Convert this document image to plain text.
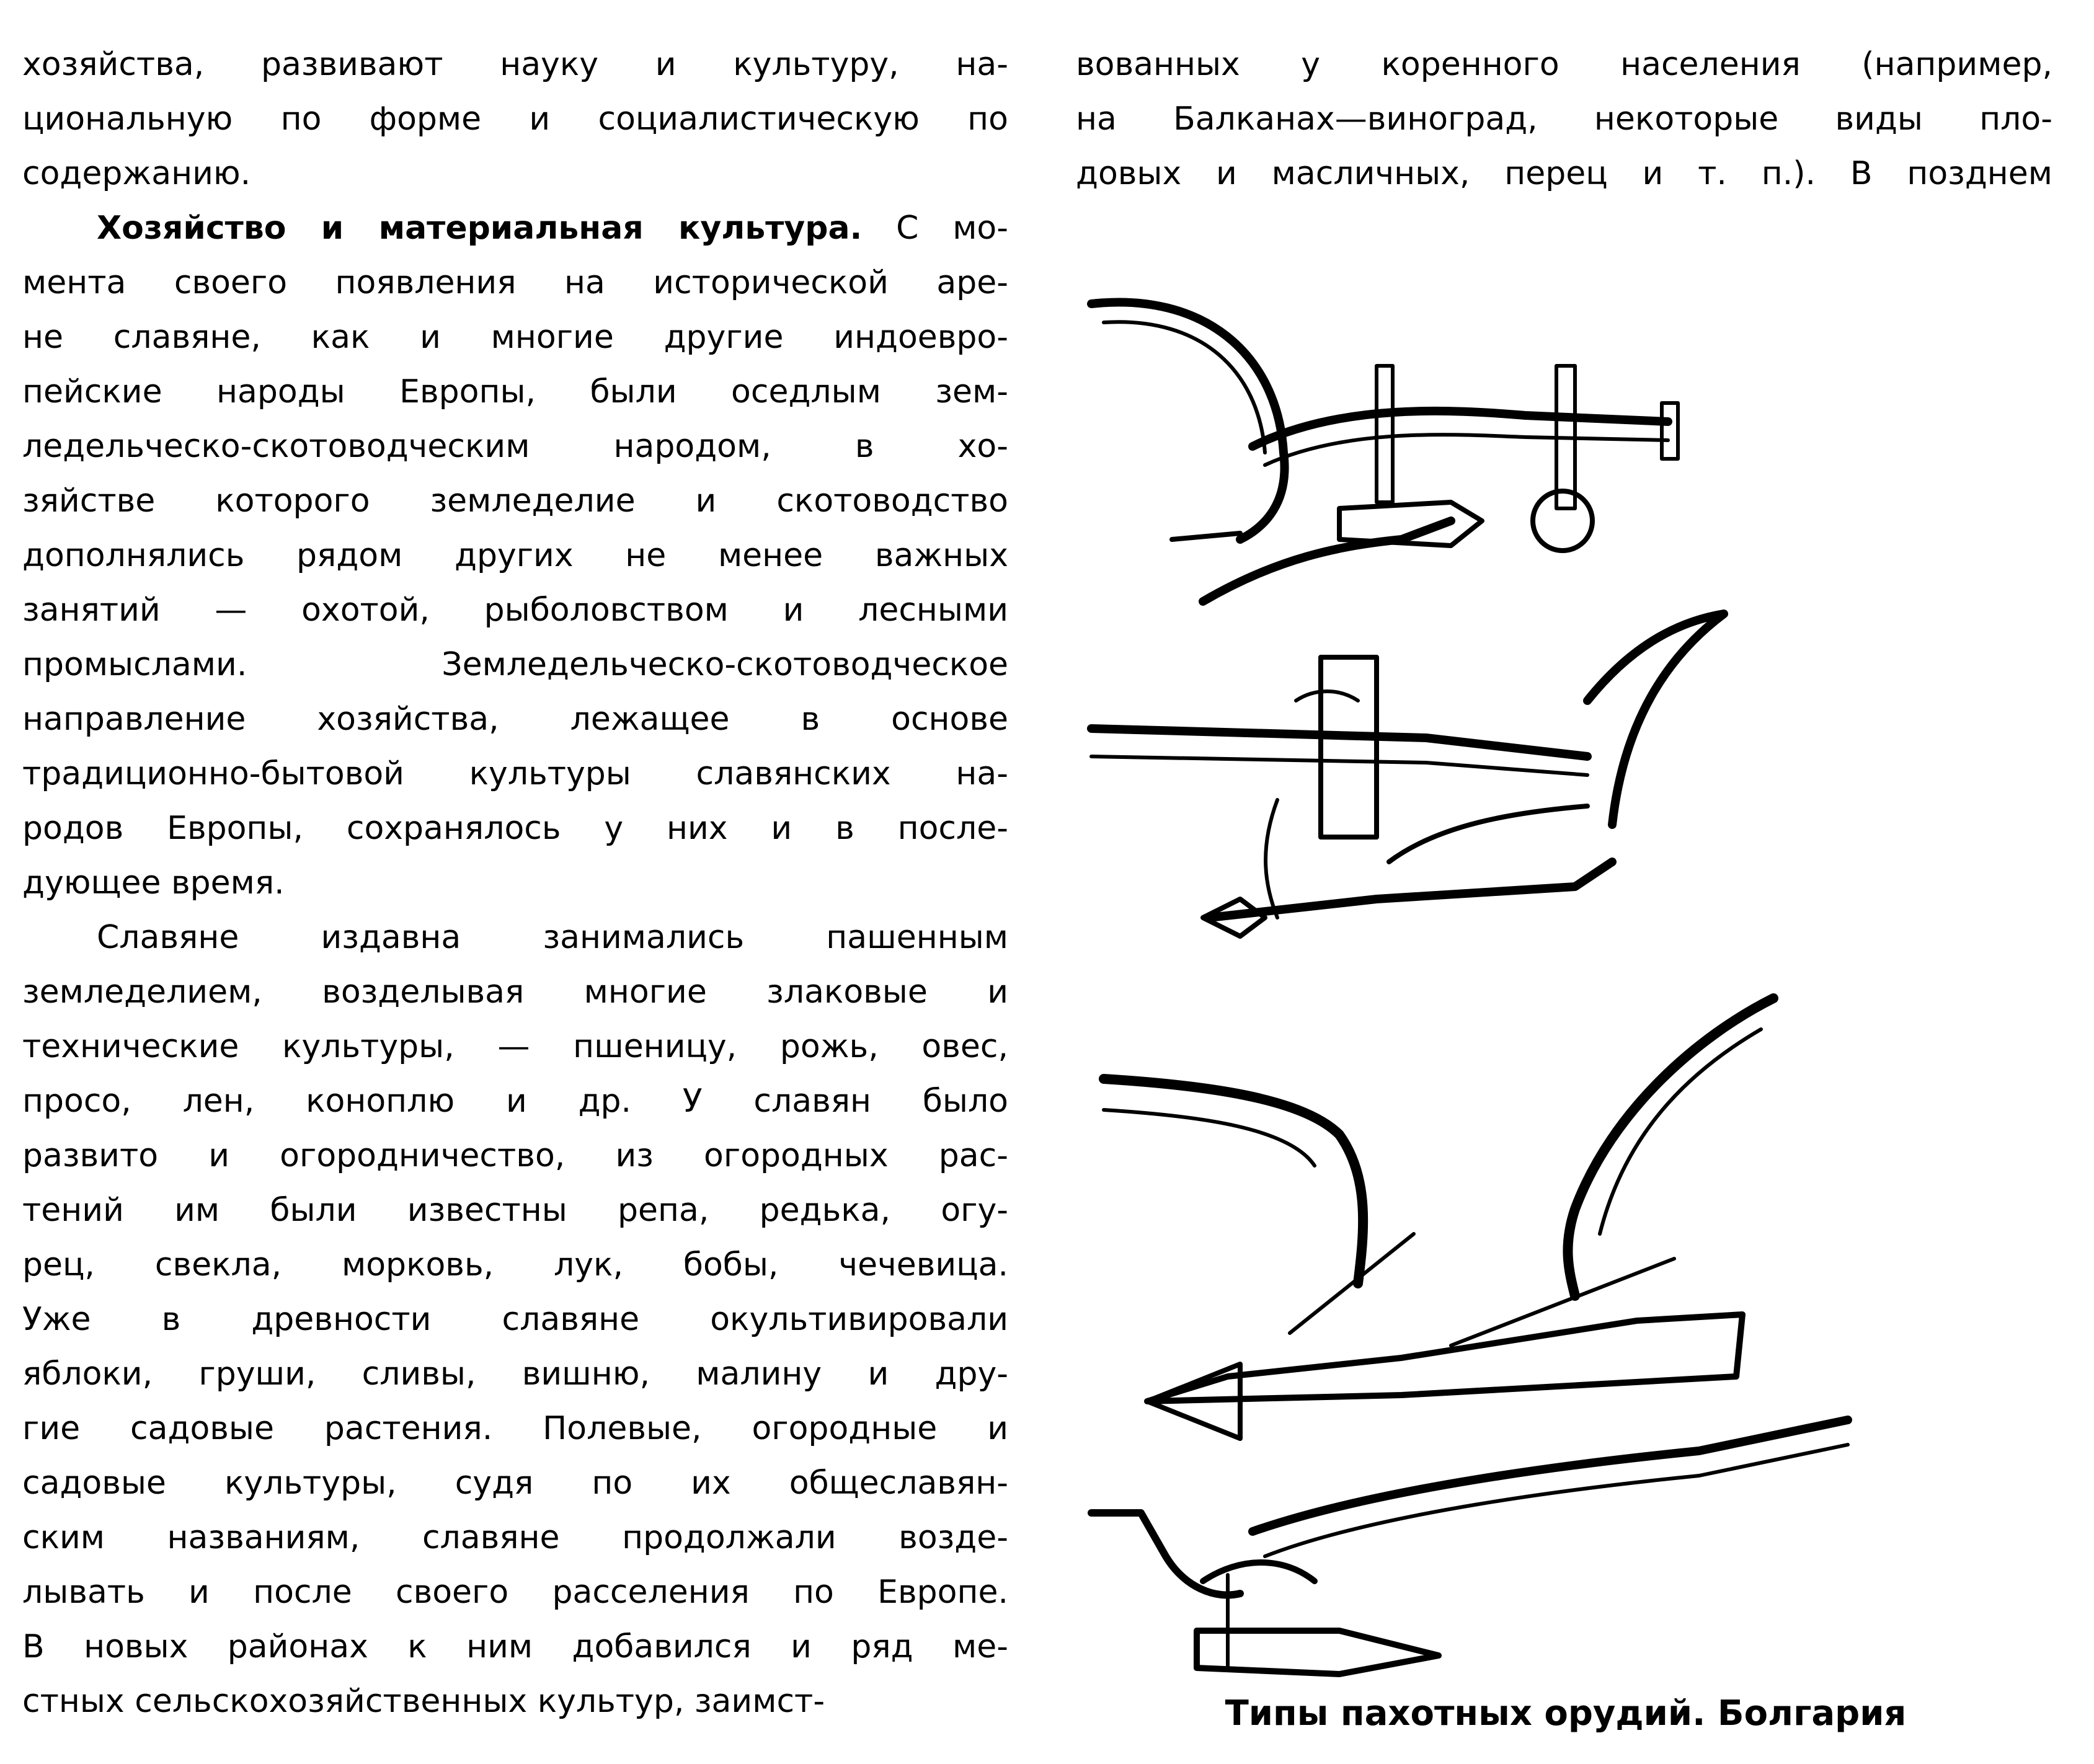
хозяйства, развивают науку и культуру, на-
циональную по форме и социалистическую по
содержанию.
Хозяйство и материальная культура. С мо-
мента своего появления на исторической аре-
не славяне, как и многие другие индоевро-
пейские народы Европы, были оседлым зем-
ледельческо-скотоводческим народом, в хо-
зяйстве которого земледелие и скотоводство
дополнялись рядом других не менее важных
занятий — охотой, рыболовством и лесными
промыслами. Земледельческо-скотоводческое
направление хозяйства, лежащее в основе
традиционно-бытовой культуры славянских на-
родов Европы, сохранялось у них и в после-
дующее время.
Славяне издавна занимались пашенным
земледелием, возделывая многие злаковые и
технические культуры, — пшеницу, рожь, овес,
просо, лен, коноплю и др. У славян было
развито и огородничество, из огородных рас-
тений им были известны репа, редька, огу-
рец, свекла, морковь, лук, бобы, чечевица.
Уже в древности славяне окультивировали
яблоки, груши, сливы, вишню, малину и дру-
гие садовые растения. Полевые, огородные и
садовые культуры, судя по их общеславян-
ским названиям, славяне продолжали возде-
лывать и после своего расселения по Европе.
В новых районах к ним добавился и ряд ме-
стных сельскохозяйственных культур, заимст-
вованных у коренного населения (например,
на Балканах—виноград, некоторые виды пло-
довых и масличных, перец и т. п.). В позднем
Типы пахотных орудий. Болгария
